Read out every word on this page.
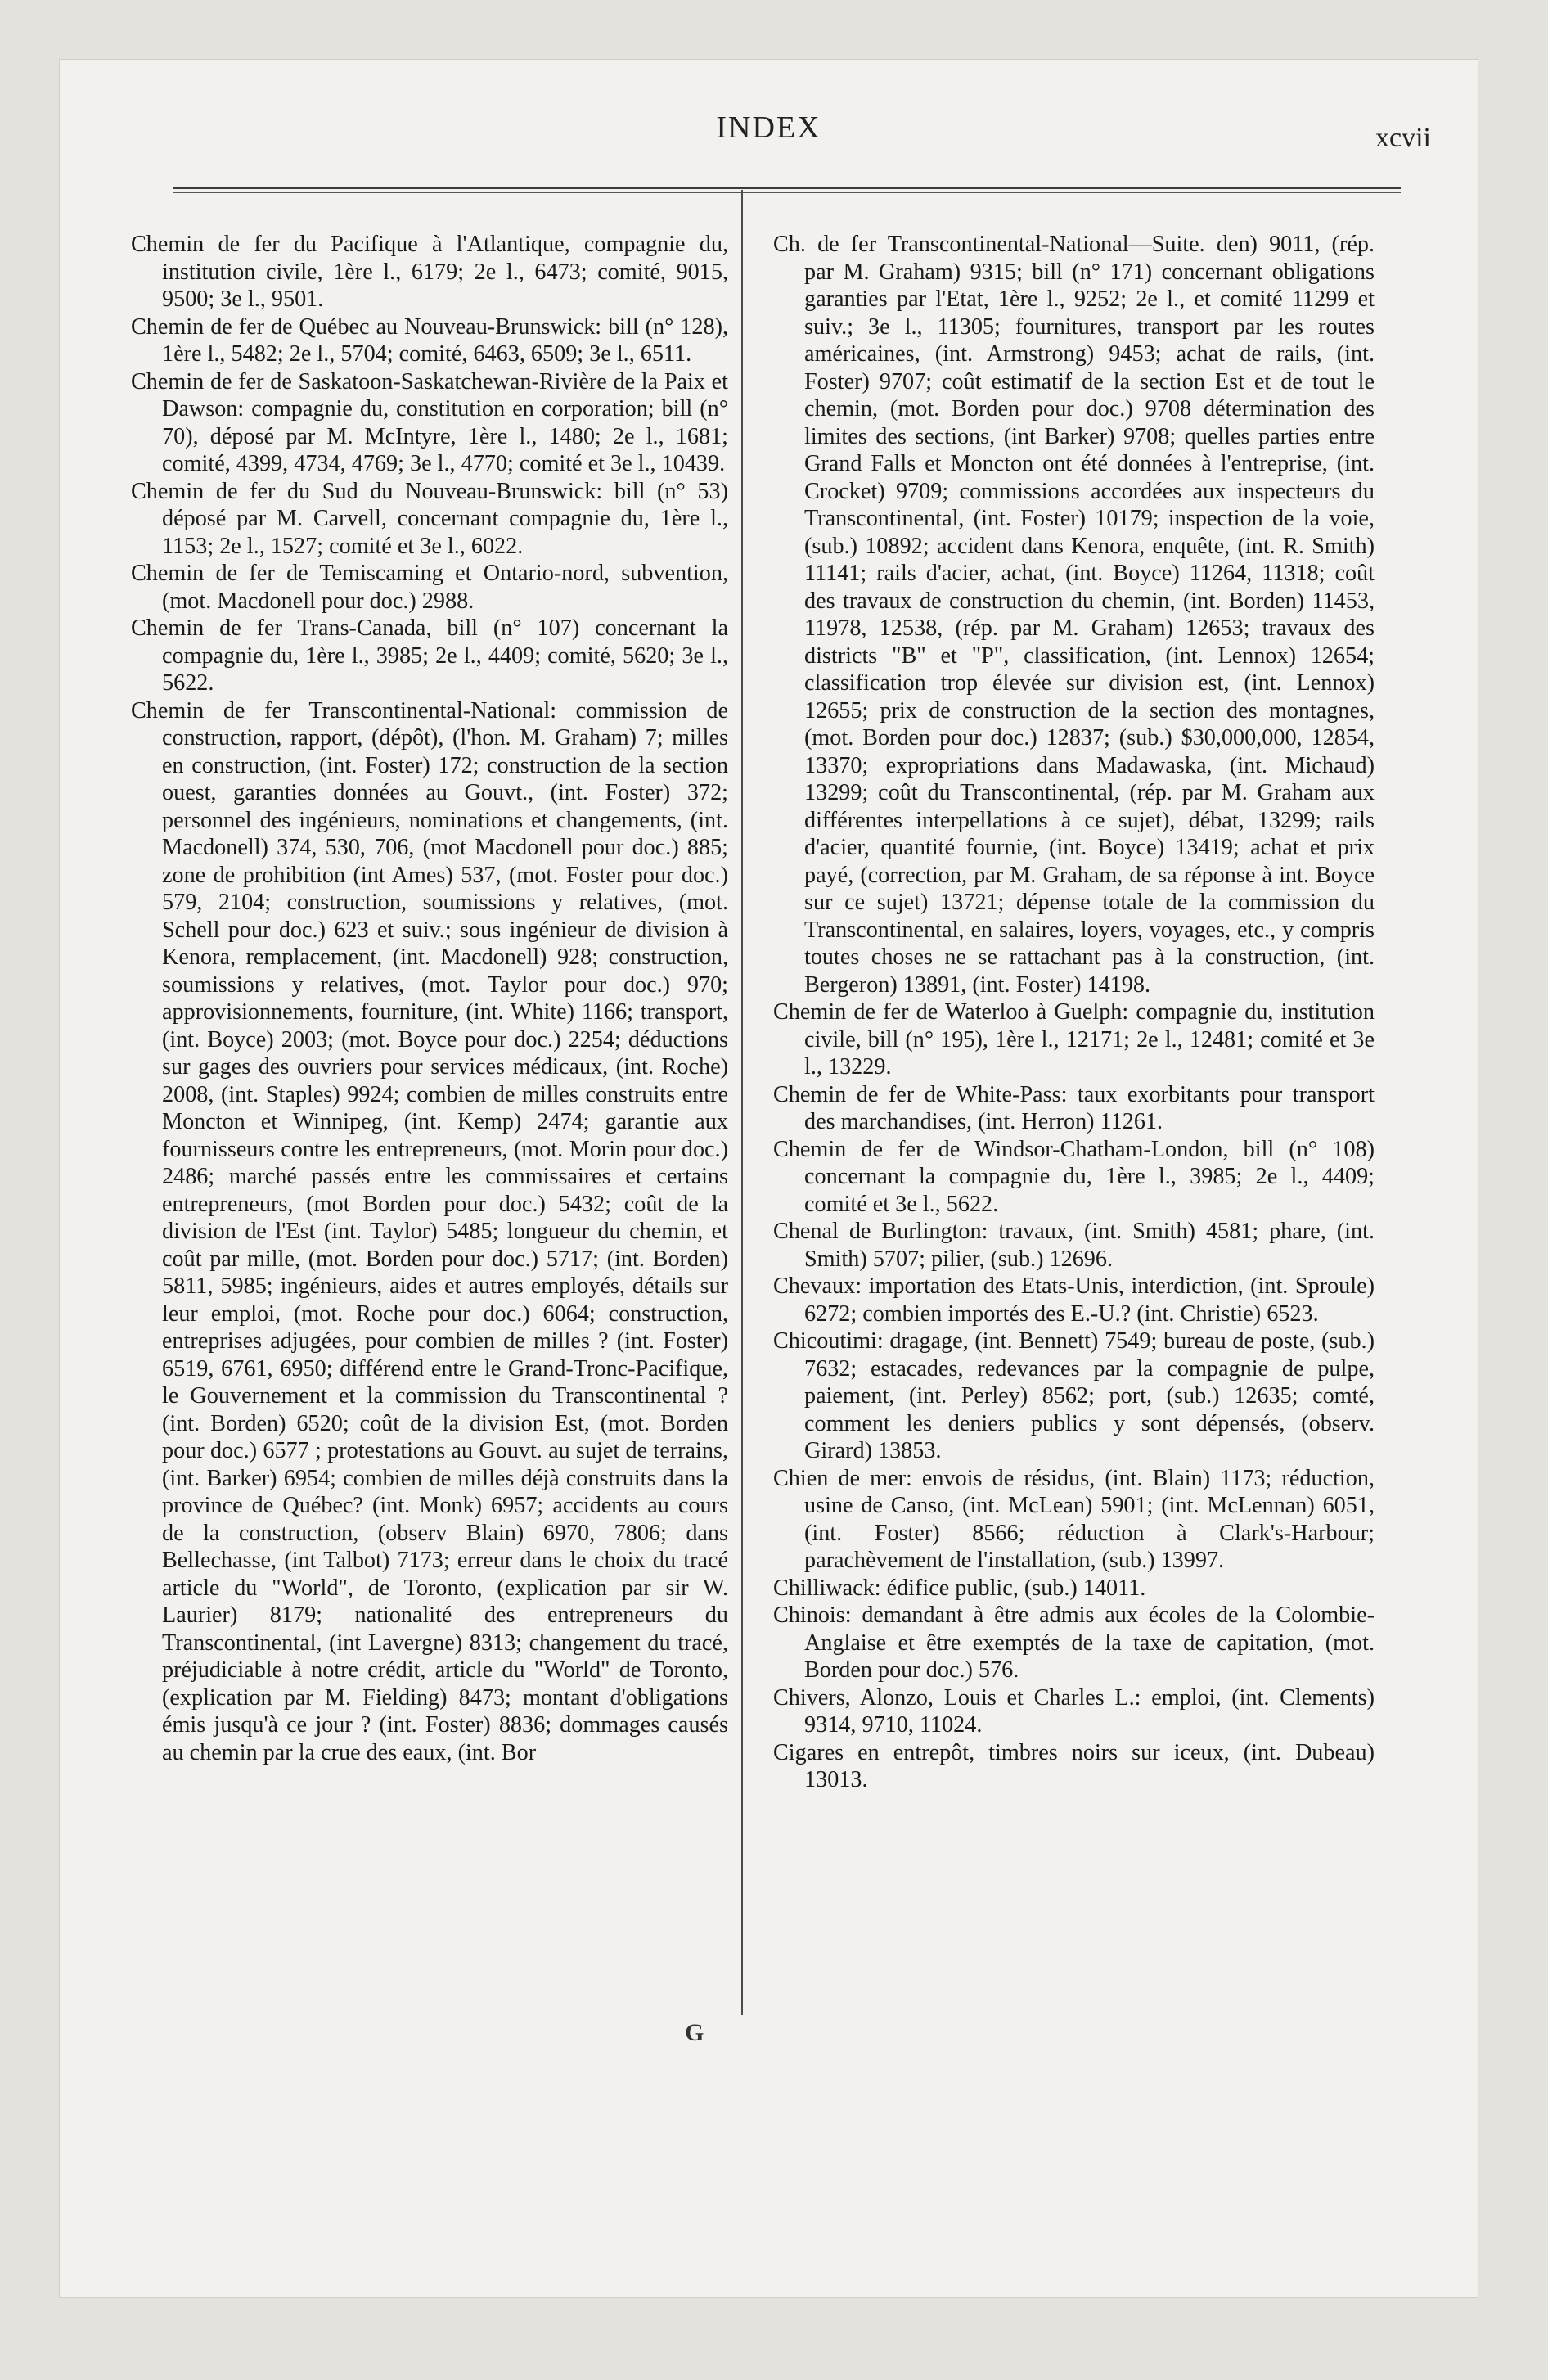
INDEX	xcvii

Chemin de fer du Pacifique à l'Atlantique, compagnie du, institution civile, 1ère l., 6179; 2e l., 6473; comité, 9015, 9500; 3e l., 9501.

Chemin de fer de Québec au Nouveau-Brunswick: bill (n° 128), 1ère l., 5482; 2e l., 5704; comité, 6463, 6509; 3e l., 6511.

Chemin de fer de Saskatoon-Saskatchewan-Rivière de la Paix et Dawson: compagnie du, constitution en corporation; bill (n° 70), déposé par M. McIntyre, 1ère l., 1480; 2e l., 1681; comité, 4399, 4734, 4769; 3e l., 4770; comité et 3e l., 10439.

Chemin de fer du Sud du Nouveau-Brunswick: bill (n° 53) déposé par M. Carvell, concernant compagnie du, 1ère l., 1153; 2e l., 1527; comité et 3e l., 6022.

Chemin de fer de Temiscaming et Ontario-nord, subvention, (mot. Macdonell pour doc.) 2988.

Chemin de fer Trans-Canada, bill (n° 107) concernant la compagnie du, 1ère l., 3985; 2e l., 4409; comité, 5620; 3e l., 5622.

Chemin de fer Transcontinental-National: commission de construction, rapport, (dépôt), (l'hon. M. Graham) 7; milles en construction, (int. Foster) 172; construction de la section ouest, garanties données au Gouvt., (int. Foster) 372; personnel des ingénieurs, nominations et changements, (int. Macdonell) 374, 530, 706, (mot Macdonell pour doc.) 885; zone de prohibition (int Ames) 537, (mot. Foster pour doc.) 579, 2104; construction, soumissions y relatives, (mot. Schell pour doc.) 623 et suiv.; sous ingénieur de division à Kenora, remplacement, (int. Macdonell) 928; construction, soumissions y relatives, (mot. Taylor pour doc.) 970; approvisionnements, fourniture, (int. White) 1166; transport, (int. Boyce) 2003; (mot. Boyce pour doc.) 2254; déductions sur gages des ouvriers pour services médicaux, (int. Roche) 2008, (int. Staples) 9924; combien de milles construits entre Moncton et Winnipeg, (int. Kemp) 2474; garantie aux fournisseurs contre les entrepreneurs, (mot. Morin pour doc.) 2486; marché passés entre les commissaires et certains entrepreneurs, (mot Borden pour doc.) 5432; coût de la division de l'Est (int. Taylor) 5485; longueur du chemin, et coût par mille, (mot. Borden pour doc.) 5717; (int. Borden) 5811, 5985; ingénieurs, aides et autres employés, détails sur leur emploi, (mot. Roche pour doc.) 6064; construction, entreprises adjugées, pour combien de milles ? (int. Foster) 6519, 6761, 6950; différend entre le Grand-Tronc-Pacifique, le Gouvernement et la commission du Transcontinental ? (int. Borden) 6520; coût de la division Est, (mot. Borden pour doc.) 6577 ; protestations au Gouvt. au sujet de terrains, (int. Barker) 6954; combien de milles déjà construits dans la province de Québec? (int. Monk) 6957; accidents au cours de la construction, (observ Blain) 6970, 7806; dans Bellechasse, (int Talbot) 7173; erreur dans le choix du tracé article du "World", de Toronto, (explication par sir W. Laurier) 8179; nationalité des entrepreneurs du Transcontinental, (int Lavergne) 8313; changement du tracé, préjudiciable à notre crédit, article du "World" de Toronto, (explication par M. Fielding) 8473; montant d'obligations émis jusqu'à ce jour ? (int. Foster) 8836; dommages causés au chemin par la crue des eaux, (int. Bor

Ch. de fer Transcontinental-National—Suite. den) 9011, (rép. par M. Graham) 9315; bill (n° 171) concernant obligations garanties par l'Etat, 1ère l., 9252; 2e l., et comité 11299 et suiv.; 3e l., 11305; fournitures, transport par les routes américaines, (int. Armstrong) 9453; achat de rails, (int. Foster) 9707; coût estimatif de la section Est et de tout le chemin, (mot. Borden pour doc.) 9708 détermination des limites des sections, (int Barker) 9708; quelles parties entre Grand Falls et Moncton ont été données à l'entreprise, (int. Crocket) 9709; commissions accordées aux inspecteurs du Transcontinental, (int. Foster) 10179; inspection de la voie, (sub.) 10892; accident dans Kenora, enquête, (int. R. Smith) 11141; rails d'acier, achat, (int. Boyce) 11264, 11318; coût des travaux de construction du chemin, (int. Borden) 11453, 11978, 12538, (rép. par M. Graham) 12653; travaux des districts "B" et "P", classification, (int. Lennox) 12654; classification trop élevée sur division est, (int. Lennox) 12655; prix de construction de la section des montagnes, (mot. Borden pour doc.) 12837; (sub.) $30,000,000, 12854, 13370; expropriations dans Madawaska, (int. Michaud) 13299; coût du Transcontinental, (rép. par M. Graham aux différentes interpellations à ce sujet), débat, 13299; rails d'acier, quantité fournie, (int. Boyce) 13419; achat et prix payé, (correction, par M. Graham, de sa réponse à int. Boyce sur ce sujet) 13721; dépense totale de la commission du Transcontinental, en salaires, loyers, voyages, etc., y compris toutes choses ne se rattachant pas à la construction, (int. Bergeron) 13891, (int. Foster) 14198.

Chemin de fer de Waterloo à Guelph: compagnie du, institution civile, bill (n° 195), 1ère l., 12171; 2e l., 12481; comité et 3e l., 13229.

Chemin de fer de White-Pass: taux exorbitants pour transport des marchandises, (int. Herron) 11261.

Chemin de fer de Windsor-Chatham-London, bill (n° 108) concernant la compagnie du, 1ère l., 3985; 2e l., 4409; comité et 3e l., 5622.

Chenal de Burlington: travaux, (int. Smith) 4581; phare, (int. Smith) 5707; pilier, (sub.) 12696.

Chevaux: importation des Etats-Unis, interdiction, (int. Sproule) 6272; combien importés des E.-U.? (int. Christie) 6523.

Chicoutimi: dragage, (int. Bennett) 7549; bureau de poste, (sub.) 7632; estacades, redevances par la compagnie de pulpe, paiement, (int. Perley) 8562; port, (sub.) 12635; comté, comment les deniers publics y sont dépensés, (observ. Girard) 13853.

Chien de mer: envois de résidus, (int. Blain) 1173; réduction, usine de Canso, (int. McLean) 5901; (int. McLennan) 6051, (int. Foster) 8566; réduction à Clark's-Harbour; parachèvement de l'installation, (sub.) 13997.

Chilliwack: édifice public, (sub.) 14011.

Chinois: demandant à être admis aux écoles de la Colombie-Anglaise et être exemptés de la taxe de capitation, (mot. Borden pour doc.) 576.

Chivers, Alonzo, Louis et Charles L.: emploi, (int. Clements) 9314, 9710, 11024.

Cigares en entrepôt, timbres noirs sur iceux, (int. Dubeau) 13013.

G
